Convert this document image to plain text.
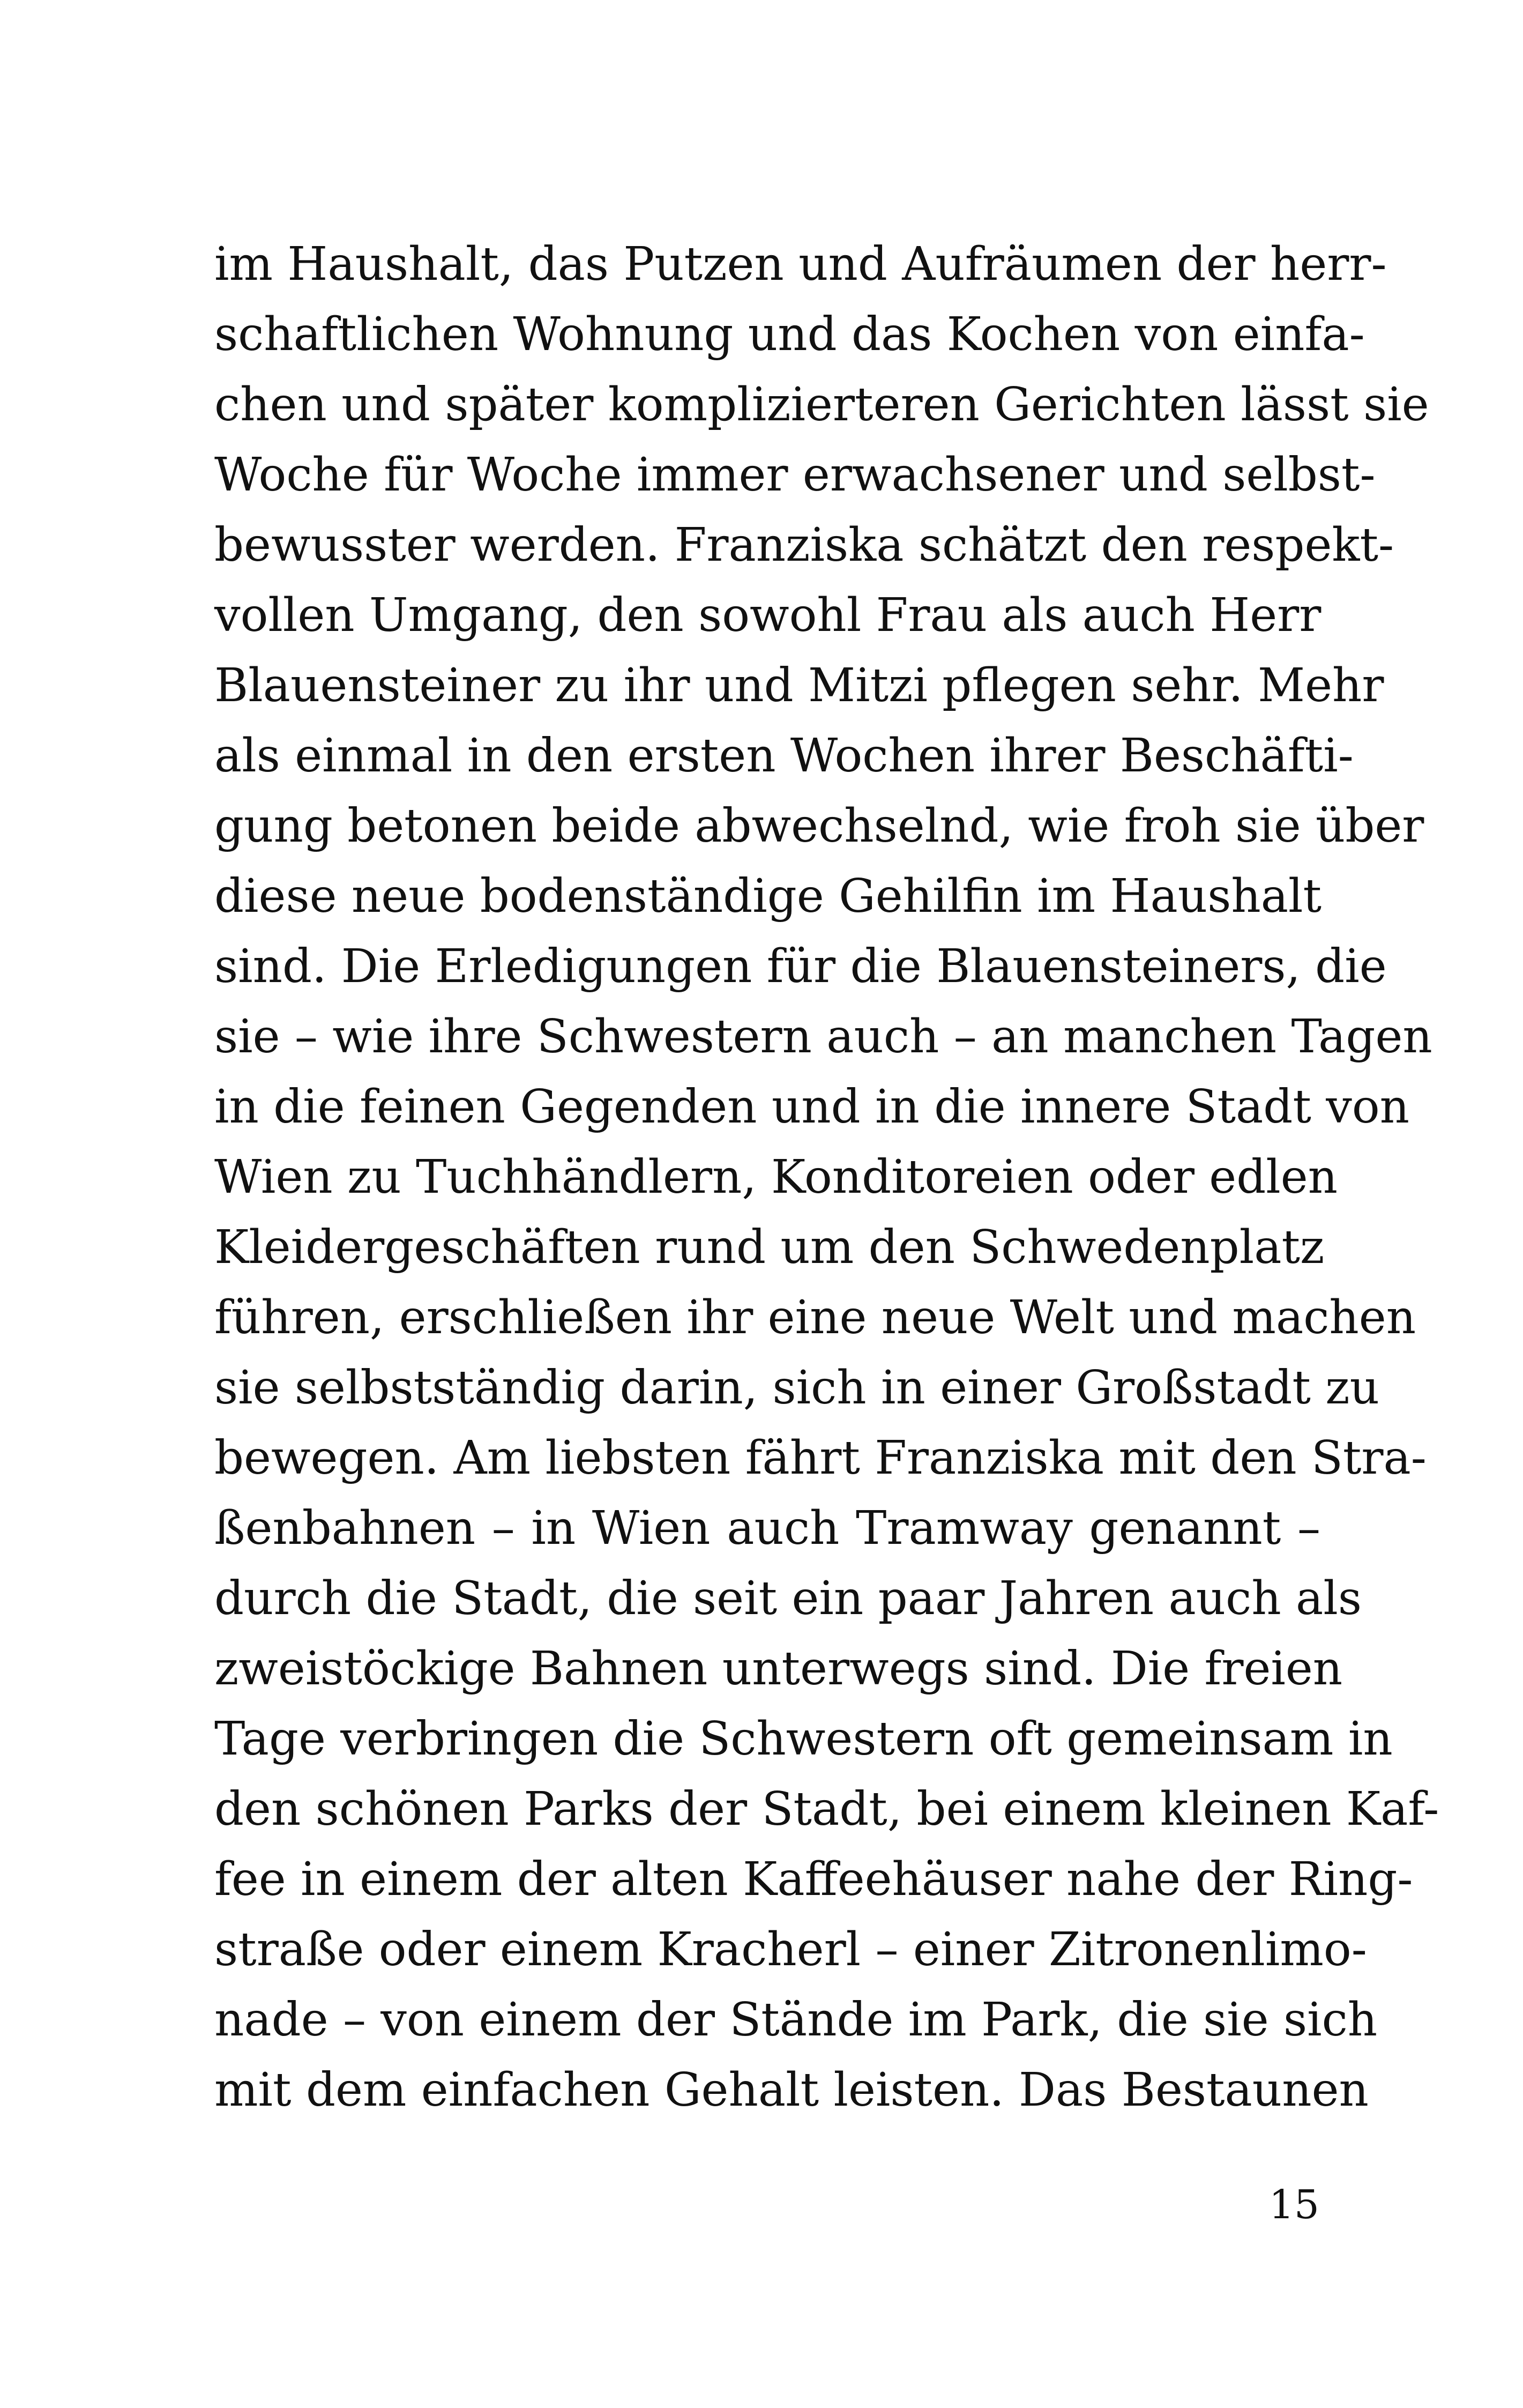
im Haushalt, das Putzen und Aufräumen der herr-
schaftlichen Wohnung und das Kochen von einfa-
chen und später komplizierteren Gerichten lässt sie
Woche für Woche immer erwachsener und selbst-
bewusster werden. Franziska schätzt den respekt-
vollen Umgang, den sowohl Frau als auch Herr
Blauensteiner zu ihr und Mitzi pflegen sehr. Mehr
als einmal in den ersten Wochen ihrer Beschäfti-
gung betonen beide abwechselnd, wie froh sie über
diese neue bodenständige Gehilfin im Haushalt
sind. Die Erledigungen für die Blauensteiners, die
sie – wie ihre Schwestern auch – an manchen Tagen
in die feinen Gegenden und in die innere Stadt von
Wien zu Tuchhändlern, Konditoreien oder edlen
Kleidergeschäften rund um den Schwedenplatz
führen, erschließen ihr eine neue Welt und machen
sie selbstständig darin, sich in einer Großstadt zu
bewegen. Am liebsten fährt Franziska mit den Stra-
ßenbahnen – in Wien auch Tramway genannt –
durch die Stadt, die seit ein paar Jahren auch als
zweistöckige Bahnen unterwegs sind. Die freien
Tage verbringen die Schwestern oft gemeinsam in
den schönen Parks der Stadt, bei einem kleinen Kaf-
fee in einem der alten Kaffeehäuser nahe der Ring-
straße oder einem Kracherl – einer Zitronenlimo-
nade – von einem der Stände im Park, die sie sich
mit dem einfachen Gehalt leisten. Das Bestaunen
15
